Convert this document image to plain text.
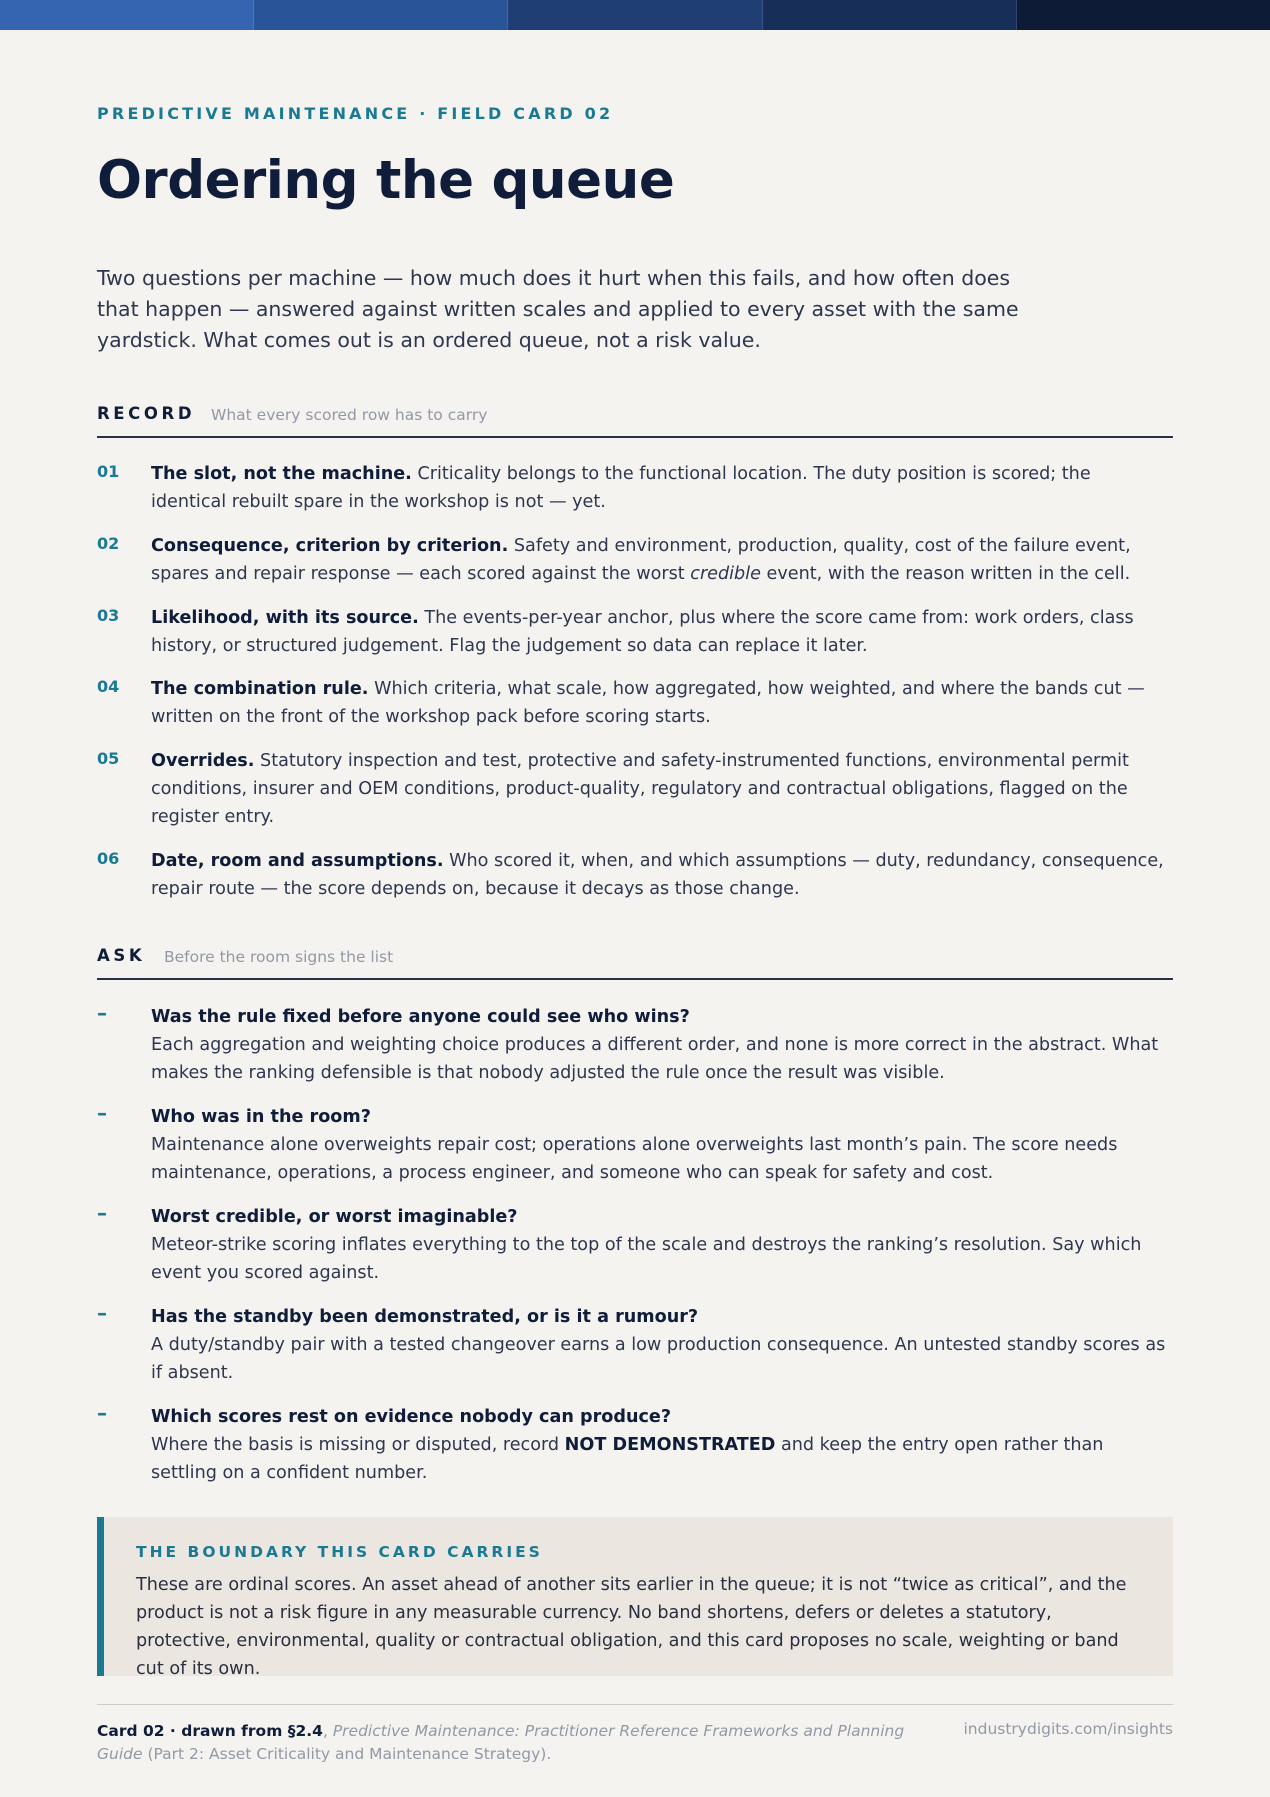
PREDICTIVE MAINTENANCE · FIELD CARD 02
Ordering the queue

Two questions per machine — how much does it hurt when this fails, and how often does that happen — answered against written scales and applied to every asset with the same yardstick. What comes out is an ordered queue, not a risk value.

RECORD What every scored row has to carry
01 The slot, not the machine. Criticality belongs to the functional location. The duty position is scored; the identical rebuilt spare in the workshop is not — yet.
02 Consequence, criterion by criterion. Safety and environment, production, quality, cost of the failure event, spares and repair response — each scored against the worst credible event, with the reason written in the cell.
03 Likelihood, with its source. The events-per-year anchor, plus where the score came from: work orders, class history, or structured judgement. Flag the judgement so data can replace it later.
04 The combination rule. Which criteria, what scale, how aggregated, how weighted, and where the bands cut — written on the front of the workshop pack before scoring starts.
05 Overrides. Statutory inspection and test, protective and safety-instrumented functions, environmental permit conditions, insurer and OEM conditions, product-quality, regulatory and contractual obligations, flagged on the register entry.
06 Date, room and assumptions. Who scored it, when, and which assumptions — duty, redundancy, consequence, repair route — the score depends on, because it decays as those change.
ASK Before the room signs the list
–	Was the rule fixed before anyone could see who wins?
Each aggregation and weighting choice produces a different order, and none is more correct in the abstract. What makes the ranking defensible is that nobody adjusted the rule once the result was visible.
–	Who was in the room?
Maintenance alone overweights repair cost; operations alone overweights last month’s pain. The score needs maintenance, operations, a process engineer, and someone who can speak for safety and cost.
–	Worst credible, or worst imaginable?
Meteor-strike scoring inflates everything to the top of the scale and destroys the ranking’s resolution. Say which event you scored against.
–	Has the standby been demonstrated, or is it a rumour?
A duty/standby pair with a tested changeover earns a low production consequence. An untested standby scores as if absent.
–	Which scores rest on evidence nobody can produce?
Where the basis is missing or disputed, record NOT DEMONSTRATED and keep the entry open rather than settling on a confident number.
THE BOUNDARY THIS CARD CARRIES
These are ordinal scores. An asset ahead of another sits earlier in the queue; it is not “twice as critical”, and the product is not a risk figure in any measurable currency. No band shortens, defers or deletes a statutory, protective, environmental, quality or contractual obligation, and this card proposes no scale, weighting or band cut of its own.
Card 02 · drawn from §2.4, Predictive Maintenance: Practitioner Reference Frameworks and Planning Guide (Part 2: Asset Criticality and Maintenance Strategy).
industrydigits.com/insights
